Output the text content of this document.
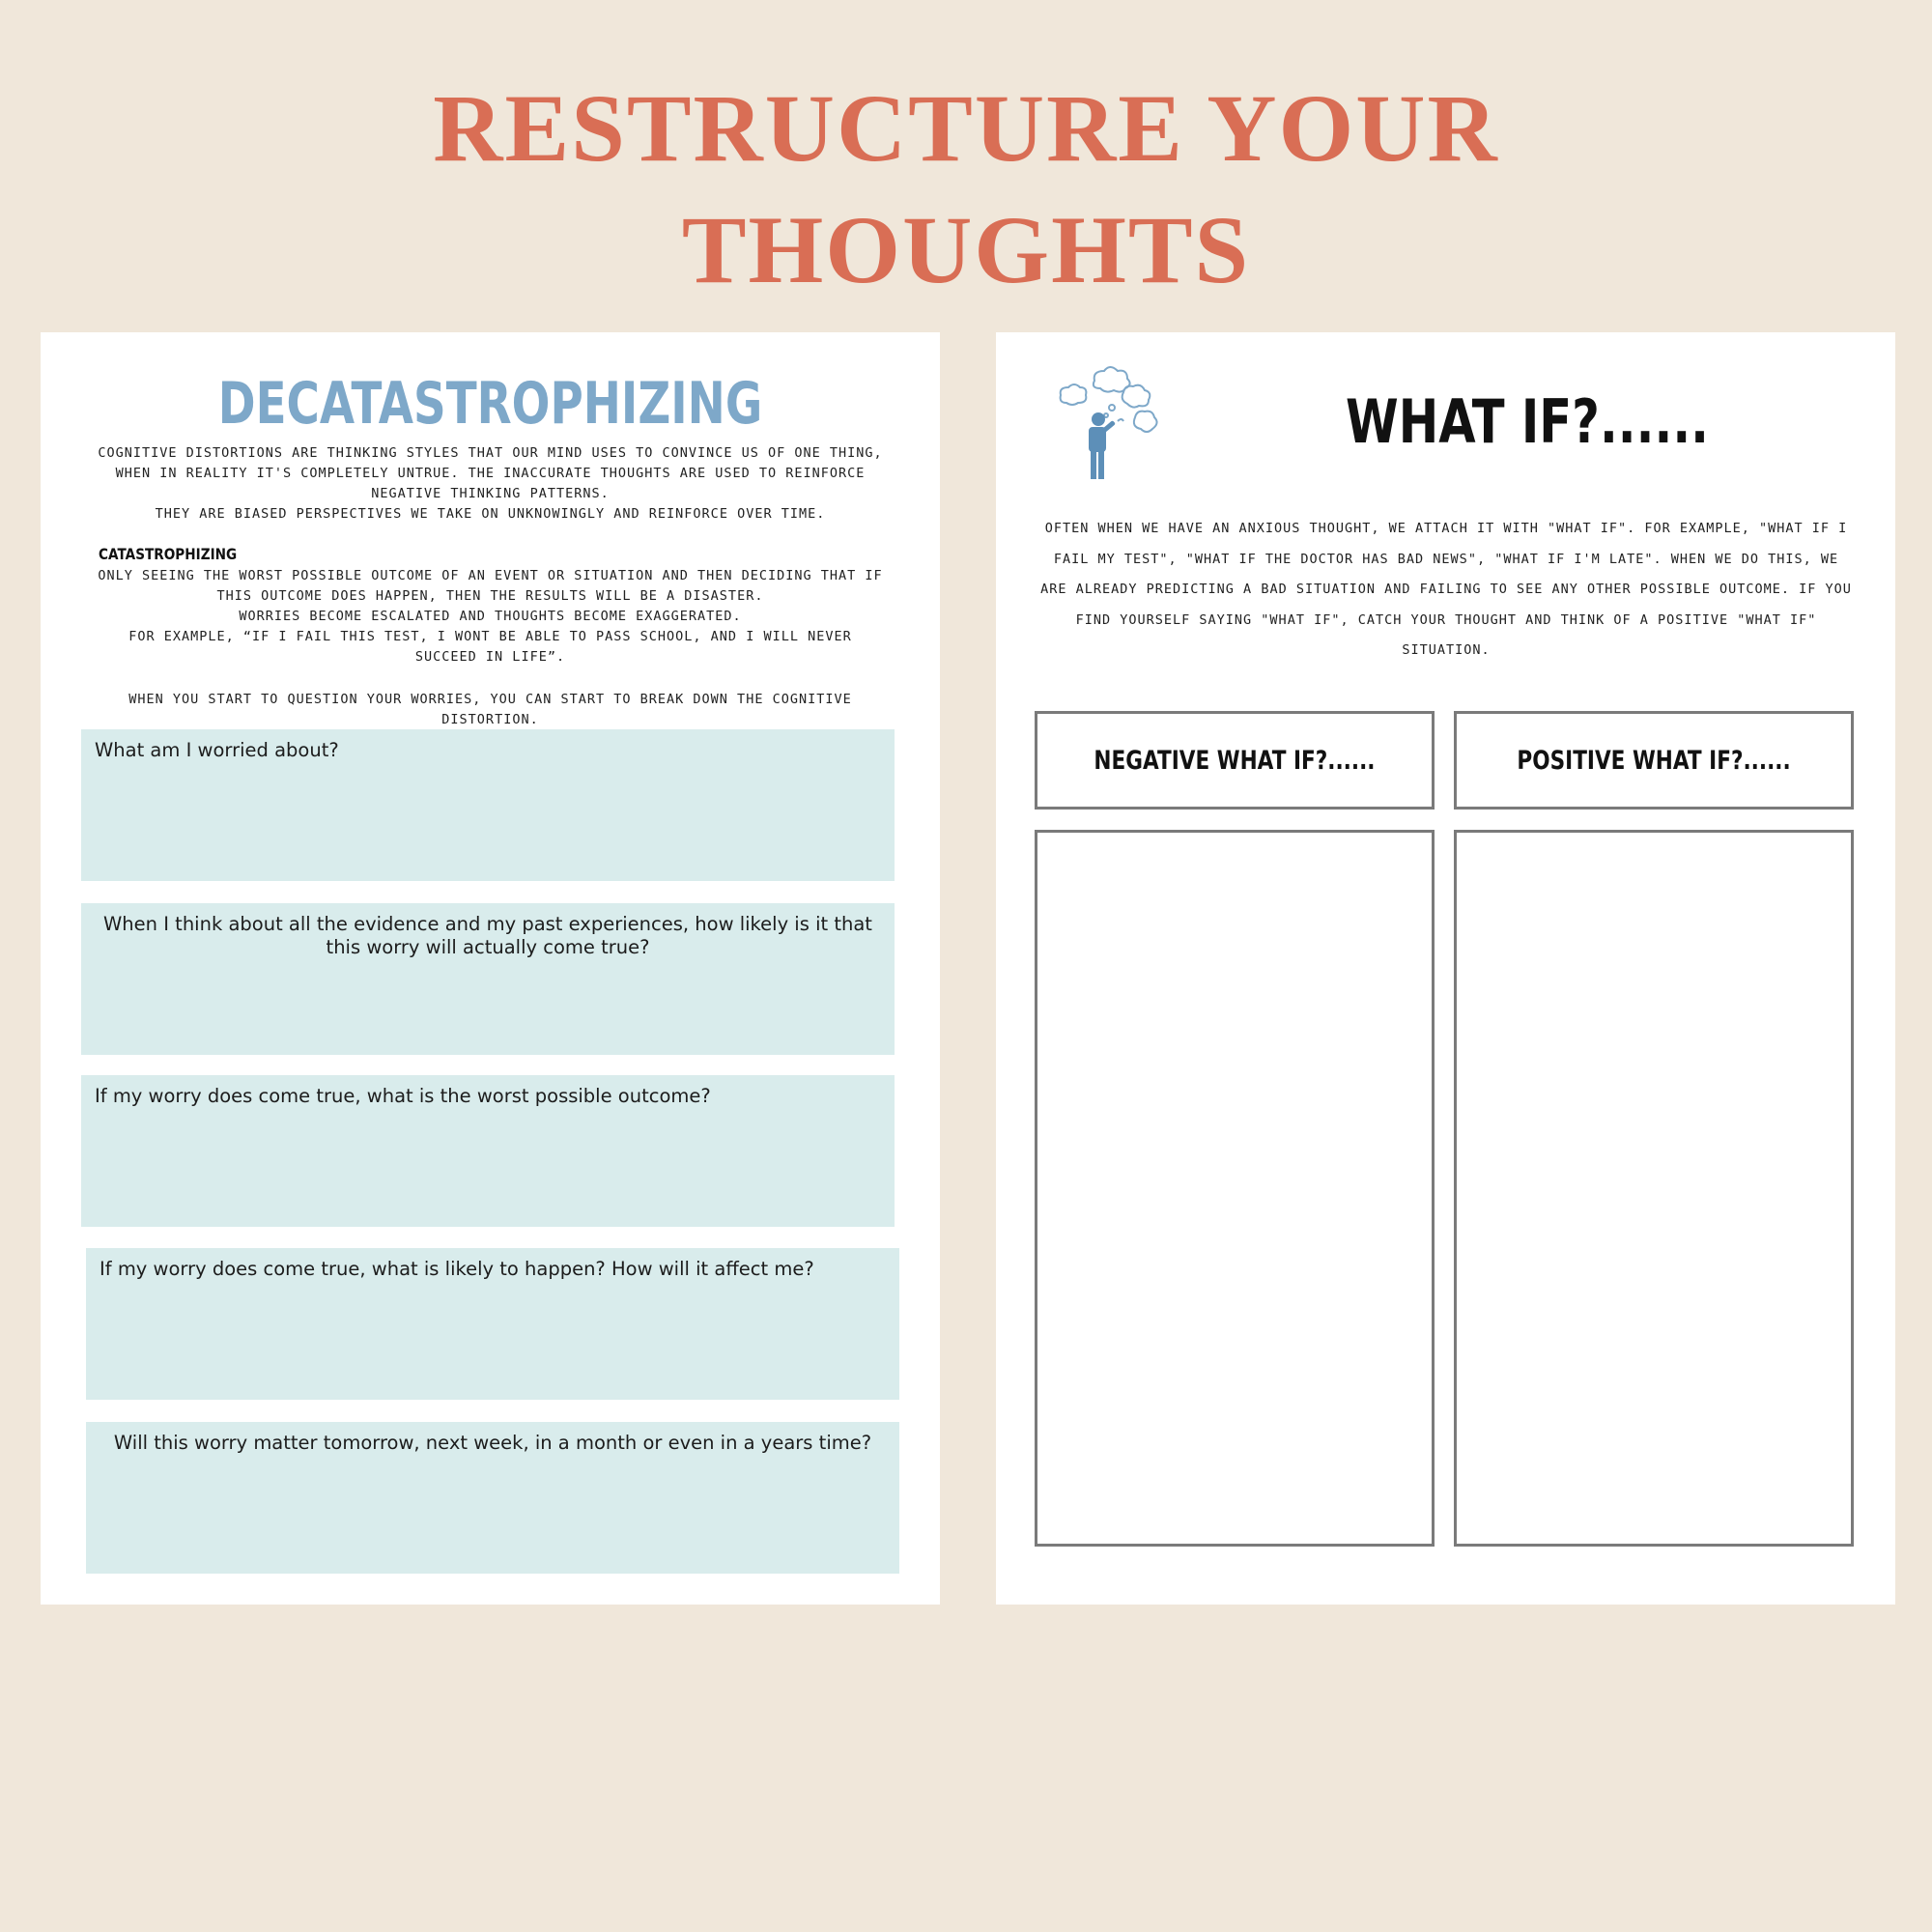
RESTRUCTURE YOUR
THOUGHTS
DECATASTROPHIZING

COGNITIVE DISTORTIONS ARE THINKING STYLES THAT OUR MIND USES TO CONVINCE US OF ONE THING, WHEN IN REALITY IT'S COMPLETELY UNTRUE. THE INACCURATE THOUGHTS ARE USED TO REINFORCE NEGATIVE THINKING PATTERNS.

THEY ARE BIASED PERSPECTIVES WE TAKE ON UNKNOWINGLY AND REINFORCE OVER TIME.

CATASTROPHIZING

ONLY SEEING THE WORST POSSIBLE OUTCOME OF AN EVENT OR SITUATION AND THEN DECIDING THAT IF THIS OUTCOME DOES HAPPEN, THEN THE RESULTS WILL BE A DISASTER.

WORRIES BECOME ESCALATED AND THOUGHTS BECOME EXAGGERATED.

FOR EXAMPLE, “IF I FAIL THIS TEST, I WONT BE ABLE TO PASS SCHOOL, AND I WILL NEVER SUCCEED IN LIFE”.

WHEN YOU START TO QUESTION YOUR WORRIES, YOU CAN START TO BREAK DOWN THE COGNITIVE DISTORTION.

What am I worried about?

When I think about all the evidence and my past experiences, how likely is it that this worry will actually come true?

If my worry does come true, what is the worst possible outcome?

If my worry does come true, what is likely to happen? How will it affect me?

Will this worry matter tomorrow, next week, in a month or even in a years time?

WHAT IF?......

OFTEN WHEN WE HAVE AN ANXIOUS THOUGHT, WE ATTACH IT WITH "WHAT IF". FOR EXAMPLE, "WHAT IF I FAIL MY TEST", "WHAT IF THE DOCTOR HAS BAD NEWS", "WHAT IF I'M LATE". WHEN WE DO THIS, WE ARE ALREADY PREDICTING A BAD SITUATION AND FAILING TO SEE ANY OTHER POSSIBLE OUTCOME. IF YOU FIND YOURSELF SAYING "WHAT IF", CATCH YOUR THOUGHT AND THINK OF A POSITIVE "WHAT IF" SITUATION.

NEGATIVE WHAT IF?......	POSITIVE WHAT IF?......
